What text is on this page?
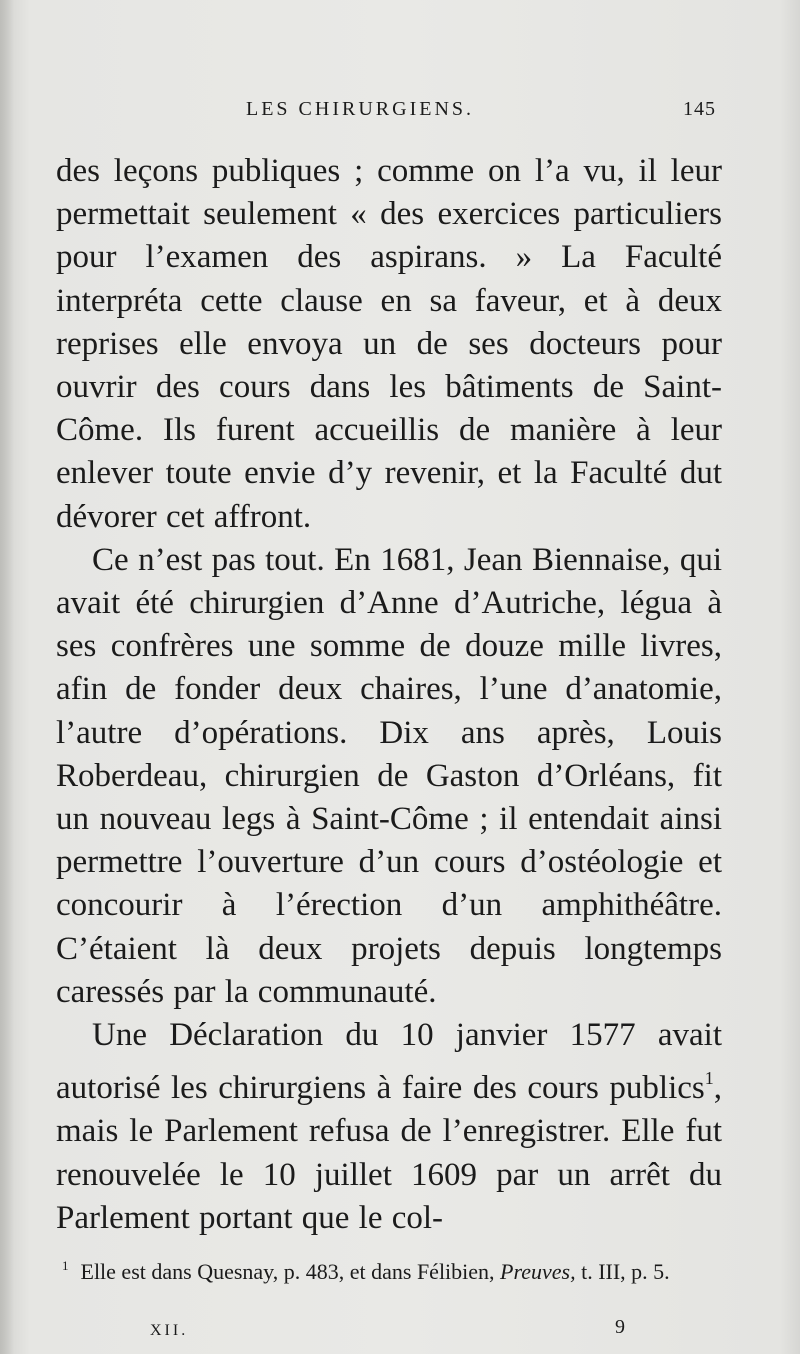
LES CHIRURGIENS.	145

des leçons publiques ; comme on l’a vu, il leur permettait seulement « des exercices particuliers pour l’examen des aspirans. » La Faculté interpréta cette clause en sa faveur, et à deux reprises elle envoya un de ses docteurs pour ouvrir des cours dans les bâtiments de Saint-Côme. Ils furent accueillis de manière à leur enlever toute envie d’y revenir, et la Faculté dut dévorer cet affront.

Ce n’est pas tout. En 1681, Jean Biennaise, qui avait été chirurgien d’Anne d’Autriche, légua à ses confrères une somme de douze mille livres, afin de fonder deux chaires, l’une d’anatomie, l’autre d’opérations. Dix ans après, Louis Roberdeau, chirurgien de Gaston d’Orléans, fit un nouveau legs à Saint-Côme ; il entendait ainsi permettre l’ouverture d’un cours d’ostéologie et concourir à l’érection d’un amphithéâtre. C’étaient là deux projets depuis longtemps caressés par la communauté.

Une Déclaration du 10 janvier 1577 avait autorisé les chirurgiens à faire des cours publics$^1$, mais le Parlement refusa de l’enregistrer. Elle fut renouvelée le 10 juillet 1609 par un arrêt du Parlement portant que le col-

$^1$ Elle est dans Quesnay, p. 483, et dans Félibien, Preuves, t. III, p. 5.

XII.	9
